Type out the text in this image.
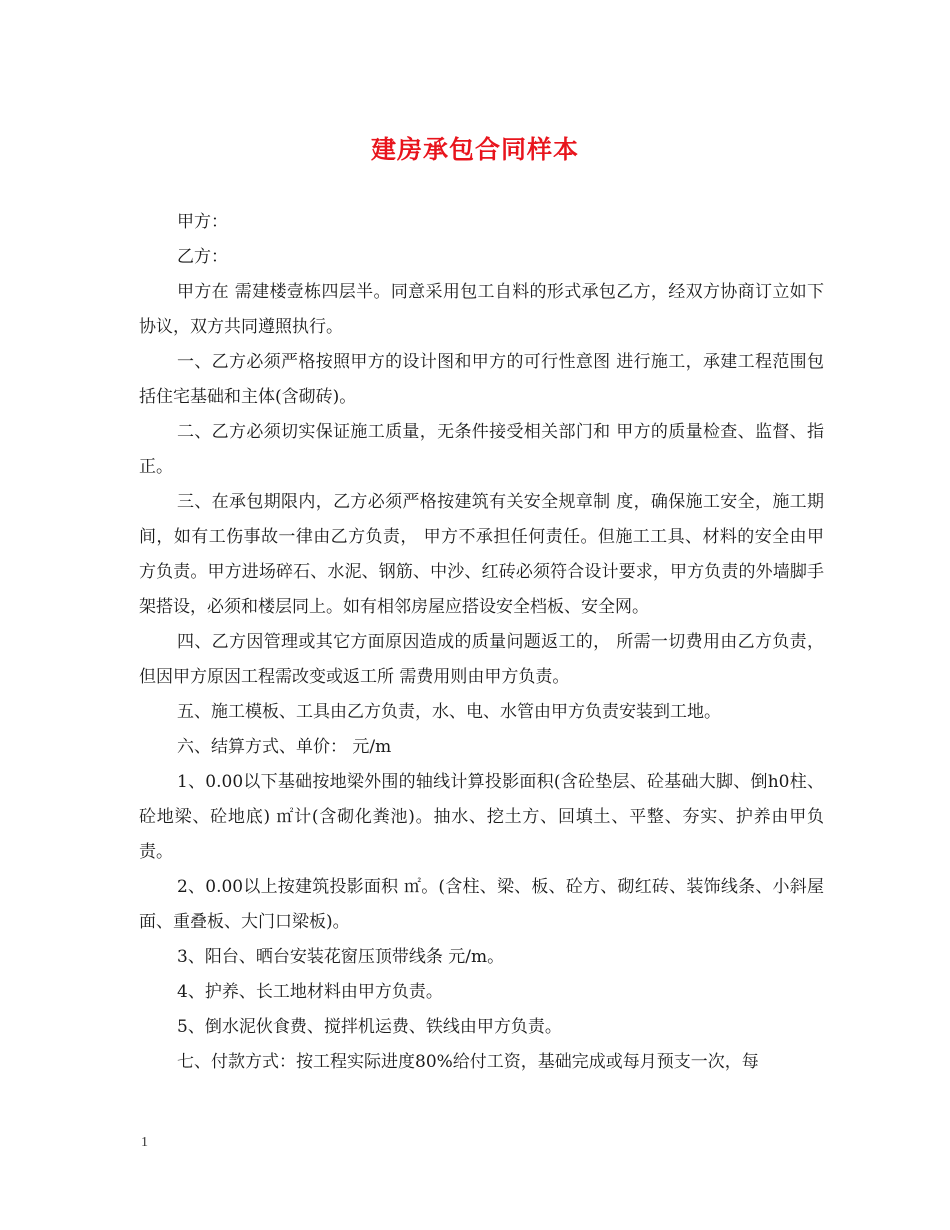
建房承包合同样本

甲方：

乙方：

甲方在 需建楼壹栋四层半。同意采用包工自料的形式承包乙方，经双方协商订立如下协议，双方共同遵照执行。

一、乙方必须严格按照甲方的设计图和甲方的可行性意图 进行施工，承建工程范围包括住宅基础和主体(含砌砖)。

二、乙方必须切实保证施工质量，无条件接受相关部门和 甲方的质量检查、监督、指正。

三、在承包期限内，乙方必须严格按建筑有关安全规章制 度，确保施工安全，施工期间，如有工伤事故一律由乙方负责， 甲方不承担任何责任。但施工工具、材料的安全由甲方负责。甲方进场碎石、水泥、钢筋、中沙、红砖必须符合设计要求，甲方负责的外墙脚手架搭设，必须和楼层同上。如有相邻房屋应搭设安全档板、安全网。

四、乙方因管理或其它方面原因造成的质量问题返工的， 所需一切费用由乙方负责，但因甲方原因工程需改变或返工所 需费用则由甲方负责。

五、施工模板、工具由乙方负责，水、电、水管由甲方负责安装到工地。

六、结算方式、单价： 元/m

1、0.00以下基础按地梁外围的轴线计算投影面积(含砼垫层、砼基础大脚、倒h0柱、砼地梁、砼地底) ㎡计(含砌化粪池)。抽水、挖土方、回填土、平整、夯实、护养由甲负责。

2、0.00以上按建筑投影面积 ㎡。(含柱、梁、板、砼方、砌红砖、装饰线条、小斜屋面、重叠板、大门口梁板)。

3、阳台、晒台安装花窗压顶带线条 元/m。

4、护养、长工地材料由甲方负责。

5、倒水泥伙食费、搅拌机运费、铁线由甲方负责。

七、付款方式：按工程实际进度80%给付工资，基础完成或每月预支一次，每

1
